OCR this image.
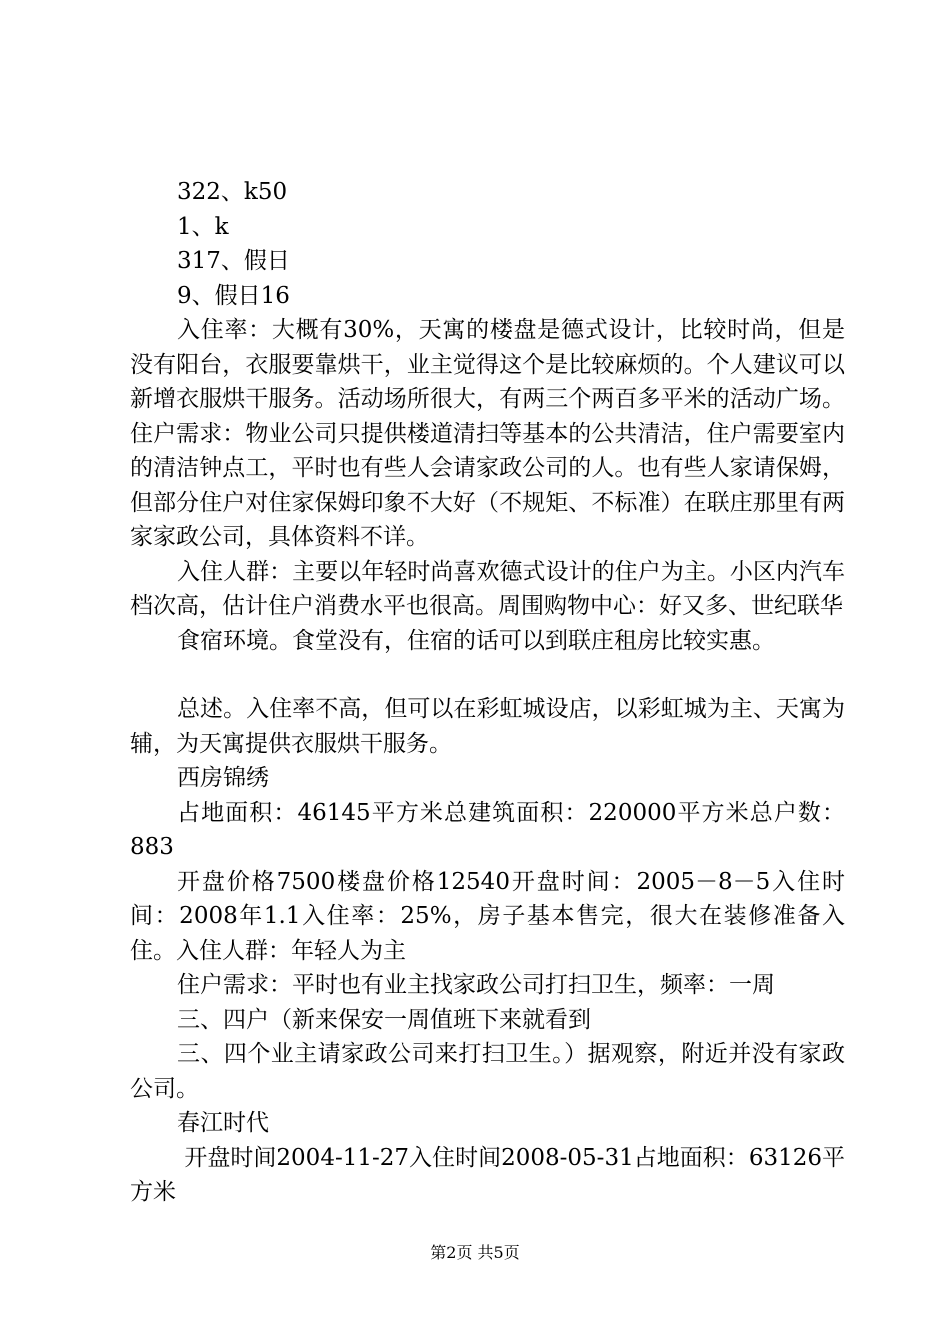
322、k50

1、k

317、假日

9、假日16

入住率：大概有30%，天寓的楼盘是德式设计，比较时尚，但是没有阳台，衣服要靠烘干，业主觉得这个是比较麻烦的。个人建议可以新增衣服烘干服务。活动场所很大，有两三个两百多平米的活动广场。住户需求：物业公司只提供楼道清扫等基本的公共清洁，住户需要室内的清洁钟点工，平时也有些人会请家政公司的人。也有些人家请保姆，但部分住户对住家保姆印象不大好（不规矩、不标准）在联庄那里有两家家政公司，具体资料不详。

入住人群：主要以年轻时尚喜欢德式设计的住户为主。小区内汽车档次高，估计住户消费水平也很高。周围购物中心：好又多、世纪联华

食宿环境。食堂没有，住宿的话可以到联庄租房比较实惠。

总述。入住率不高，但可以在彩虹城设店，以彩虹城为主、天寓为辅，为天寓提供衣服烘干服务。

西房锦绣

占地面积：46145平方米总建筑面积：220000平方米总户数：883

开盘价格7500楼盘价格12540开盘时间：2005－8－5入住时间：2008年1.1入住率：25%，房子基本售完，很大在装修准备入住。入住人群：年轻人为主

住户需求：平时也有业主找家政公司打扫卫生，频率：一周

三、四户（新来保安一周值班下来就看到

三、四个业主请家政公司来打扫卫生。）据观察，附近并没有家政公司。

春江时代

开盘时间2004-11-27入住时间2008-05-31占地面积：63126平方米

第2页 共5页
